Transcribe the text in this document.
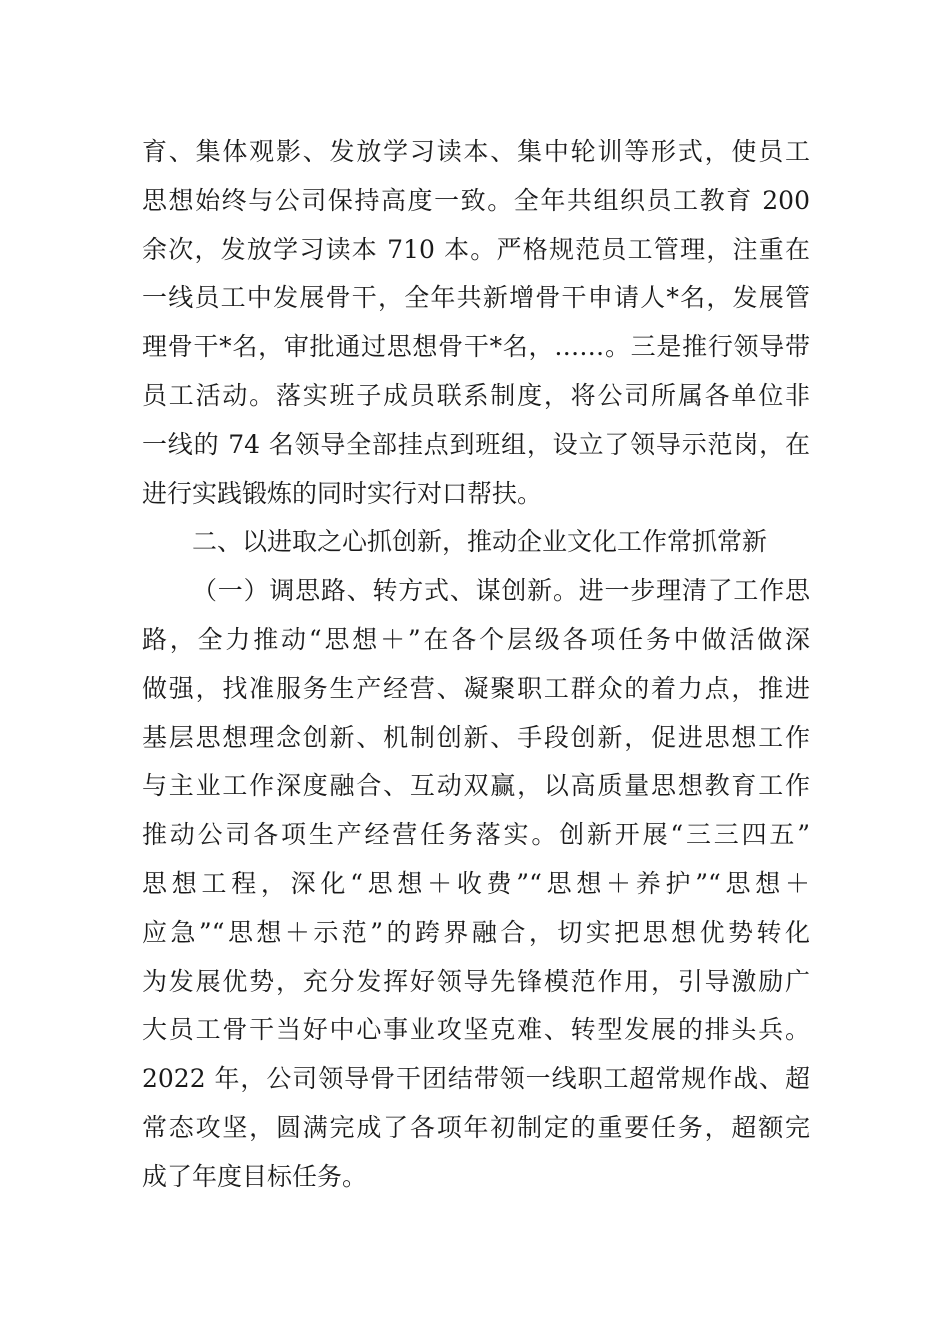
育、集体观影、发放学习读本、集中轮训等形式，使员工
思想始终与公司保持高度一致。全年共组织员工教育 200
余次，发放学习读本 710 本。严格规范员工管理，注重在
一线员工中发展骨干，全年共新增骨干申请人*名，发展管
理骨干*名，审批通过思想骨干*名，……。三是推行领导带
员工活动。落实班子成员联系制度，将公司所属各单位非
一线的 74 名领导全部挂点到班组，设立了领导示范岗，在
进行实践锻炼的同时实行对口帮扶。
二、以进取之心抓创新，推动企业文化工作常抓常新
（一）调思路、转方式、谋创新。进一步理清了工作思
路，全力推动“思想＋”在各个层级各项任务中做活做深
做强，找准服务生产经营、凝聚职工群众的着力点，推进
基层思想理念创新、机制创新、手段创新，促进思想工作
与主业工作深度融合、互动双赢，以高质量思想教育工作
推动公司各项生产经营任务落实。创新开展“三三四五”
思想工程，深化“思想＋收费”“思想＋养护”“思想＋
应急”“思想＋示范”的跨界融合，切实把思想优势转化
为发展优势，充分发挥好领导先锋模范作用，引导激励广
大员工骨干当好中心事业攻坚克难、转型发展的排头兵。
2022 年，公司领导骨干团结带领一线职工超常规作战、超
常态攻坚，圆满完成了各项年初制定的重要任务，超额完
成了年度目标任务。
